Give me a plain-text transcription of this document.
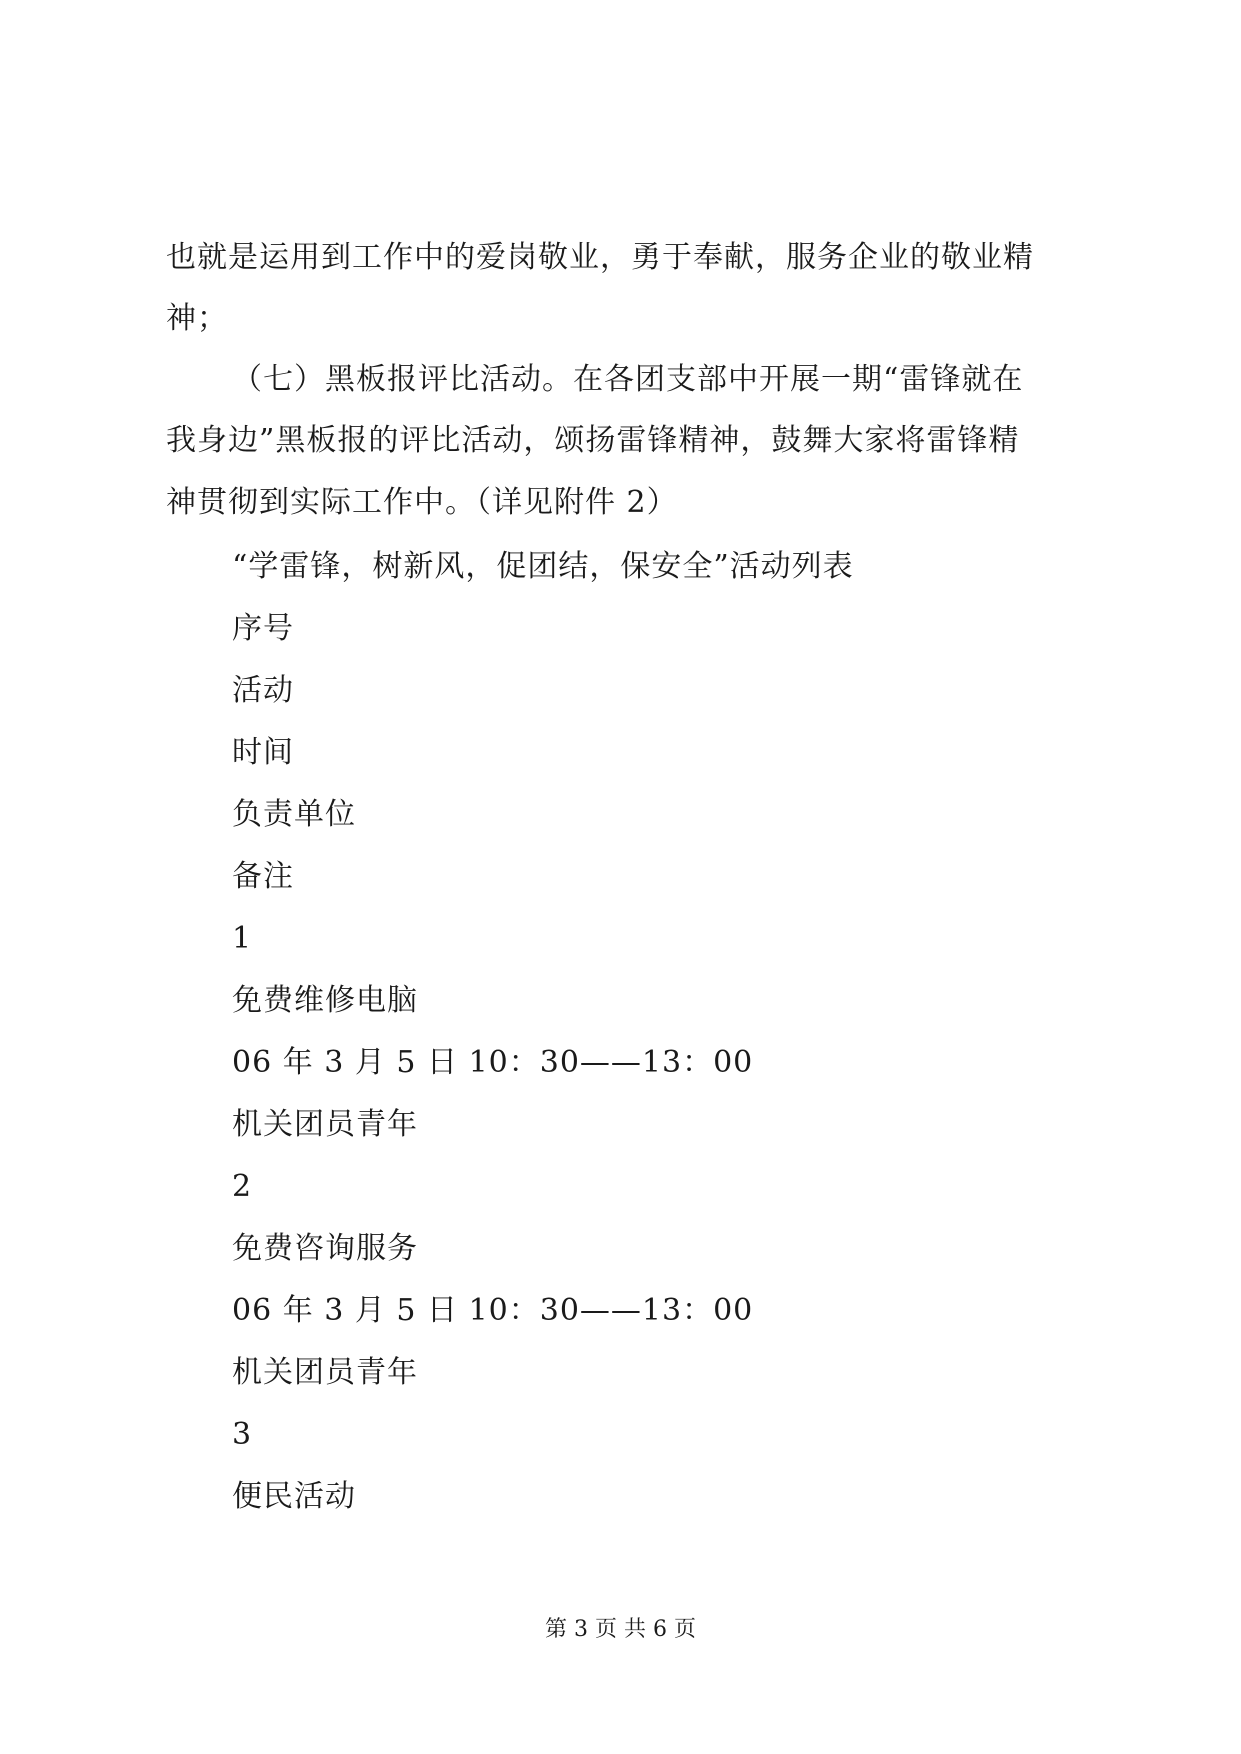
也就是运用到工作中的爱岗敬业，勇于奉献，服务企业的敬业精
神；
（七）黑板报评比活动。在各团支部中开展一期“雷锋就在
我身边”黑板报的评比活动，颂扬雷锋精神，鼓舞大家将雷锋精
神贯彻到实际工作中。（详见附件 2）
“学雷锋，树新风，促团结，保安全”活动列表
序号
活动
时间
负责单位
备注
1
免费维修电脑
06 年 3 月 5 日 10：30——13：00
机关团员青年
2
免费咨询服务
06 年 3 月 5 日 10：30——13：00
机关团员青年
3
便民活动
第 3 页 共 6 页
